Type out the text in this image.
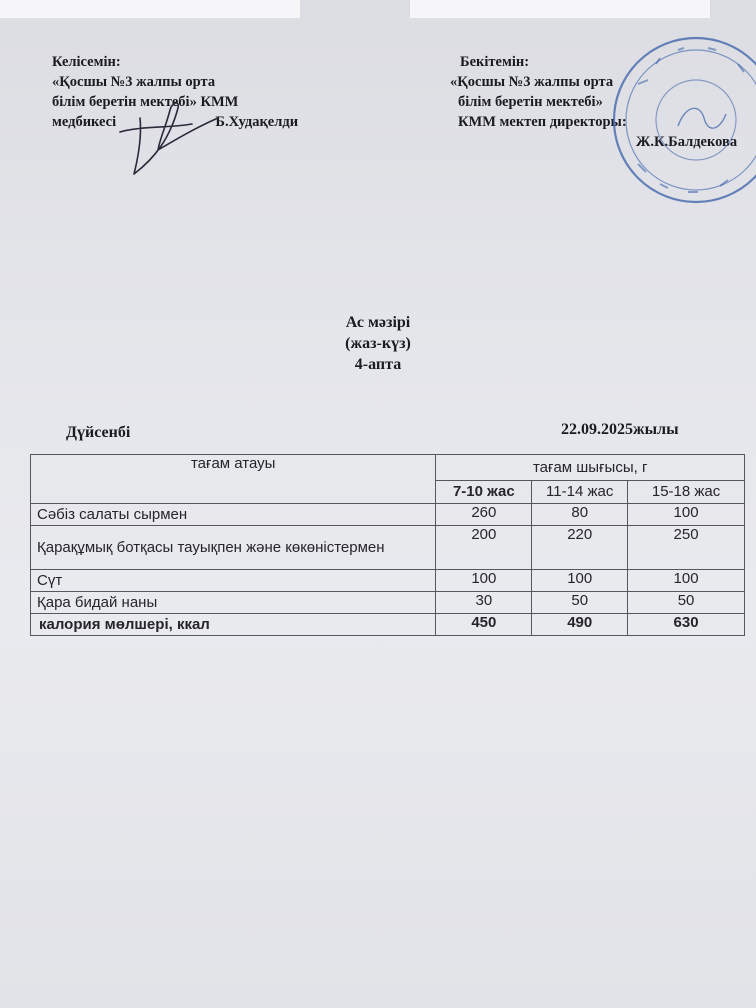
Келісемін:
«Қосшы №3 жалпы орта
білім беретін мектебі» КММ
медбикесі	Б.Худақелди
Бекітемін:
«Қосшы №3 жалпы орта
білім беретін мектебі»
КММ мектеп директоры:
Ж.К.Балдекова
Ас мәзірі
(жаз-күз)
4-апта
Дүйсенбі	22.09.2025жылы
тағам атауы	тағам шығысы, г		
	7-10 жас	11-14 жас	15-18 жас
Сәбіз салаты сырмен	260	80	100
Қарақұмық ботқасы тауықпен және көкөністермен	200	220	250
Сүт	100	100	100
Қара бидай наны	30	50	50
калория мөлшері, ккал	450	490	630
